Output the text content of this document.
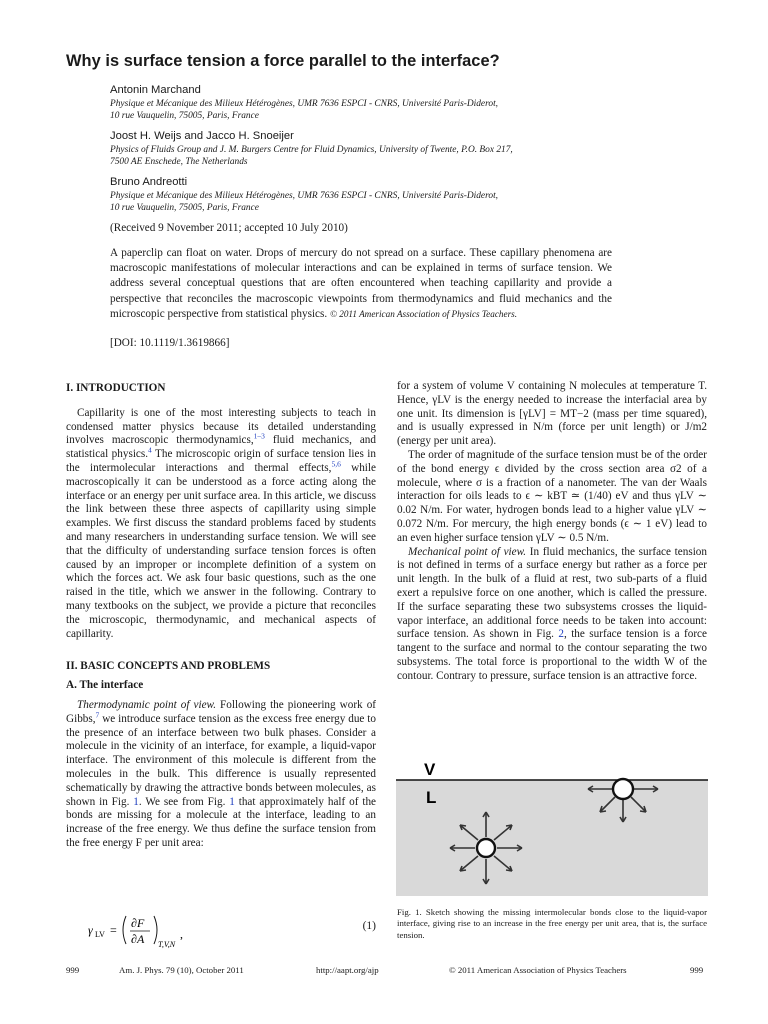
Why is surface tension a force parallel to the interface?
Antonin Marchand
Physique et Mécanique des Milieux Hétérogènes, UMR 7636 ESPCI - CNRS, Université Paris-Diderot,
10 rue Vauquelin, 75005, Paris, France
Joost H. Weijs and Jacco H. Snoeijer
Physics of Fluids Group and J. M. Burgers Centre for Fluid Dynamics, University of Twente, P.O. Box 217,
7500 AE Enschede, The Netherlands
Bruno Andreotti
Physique et Mécanique des Milieux Hétérogènes, UMR 7636 ESPCI - CNRS, Université Paris-Diderot,
10 rue Vauquelin, 75005, Paris, France
(Received 9 November 2011; accepted 10 July 2010)
A paperclip can float on water. Drops of mercury do not spread on a surface. These capillary phenomena are macroscopic manifestations of molecular interactions and can be explained in terms of surface tension. We address several conceptual questions that are often encountered when teaching capillarity and provide a perspective that reconciles the macroscopic viewpoints from thermodynamics and fluid mechanics and the microscopic perspective from statistical physics. © 2011 American Association of Physics Teachers.
[DOI: 10.1119/1.3619866]
I. INTRODUCTION

Capillarity is one of the most interesting subjects to teach in condensed matter physics because its detailed understanding involves macroscopic thermodynamics,$^{1-3}$ fluid mechanics, and statistical physics.$^4$ The microscopic origin of surface tension lies in the intermolecular interactions and thermal effects,$^{5,6}$ while macroscopically it can be understood as a force acting along the interface or an energy per unit surface area. In this article, we discuss the link between these three aspects of capillarity using simple examples. We first discuss the standard problems faced by students and many researchers in understanding surface tension. We will see that the difficulty of understanding surface tension forces is often caused by an improper or incomplete definition of a system on which the forces act. We ask four basic questions, such as the one raised in the title, which we answer in the following. Contrary to many textbooks on the subject, we provide a picture that reconciles the microscopic, thermodynamic, and mechanical aspects of capillarity.

II. BASIC CONCEPTS AND PROBLEMS
A. The interface

Thermodynamic point of view. Following the pioneering work of Gibbs,$^7$ we introduce surface tension as the excess free energy due to the presence of an interface between two bulk phases. Consider a molecule in the vicinity of an interface, for example, a liquid-vapor interface. The environment of this molecule is different from the molecules in the bulk. This difference is usually represented schematically by drawing the attractive bonds between molecules, as shown in Fig. 1. We see from Fig. 1 that approximately half of the bonds are missing for a molecule at the interface, leading to an increase of the free energy. We thus define the surface tension from the free energy F per unit area:

γ LV = ∂F
∂A T,V,N
,
(1)

for a system of volume V containing N molecules at temperature T. Hence, γLV is the energy needed to increase the interfacial area by one unit. Its dimension is [γLV] = MT−2 (mass per time squared), and is usually expressed in N/m (force per unit length) or J/m2 (energy per unit area).

The order of magnitude of the surface tension must be of the order of the bond energy ϵ divided by the cross section area σ2 of a molecule, where σ is a fraction of a nanometer. The van der Waals interaction for oils leads to ϵ ∼ kBT ≃ (1/40) eV and thus γLV ∼ 0.02 N/m. For water, hydrogen bonds lead to a higher value γLV ∼ 0.072 N/m. For mercury, the high energy bonds (ϵ ∼ 1 eV) lead to an even higher surface tension γLV ∼ 0.5 N/m.

Mechanical point of view. In fluid mechanics, the surface tension is not defined in terms of a surface energy but rather as a force per unit length. In the bulk of a fluid at rest, two sub-parts of a fluid exert a repulsive force on one another, which is called the pressure. If the surface separating these two subsystems crosses the liquid-vapor interface, an additional force needs to be taken into account: surface tension. As shown in Fig. 2, the surface tension is a force tangent to the surface and normal to the contour separating the two subsystems. The total force is proportional to the width W of the contour. Contrary to pressure, surface tension is an attractive force.

V
L
Fig. 1. Sketch showing the missing intermolecular bonds close to the liquid-vapor interface, giving rise to an increase in the free energy per unit area, that is, the surface tension.
999	Am. J. Phys. 79 (10), October 2011	http://aapt.org/ajp	© 2011 American Association of Physics Teachers	999
